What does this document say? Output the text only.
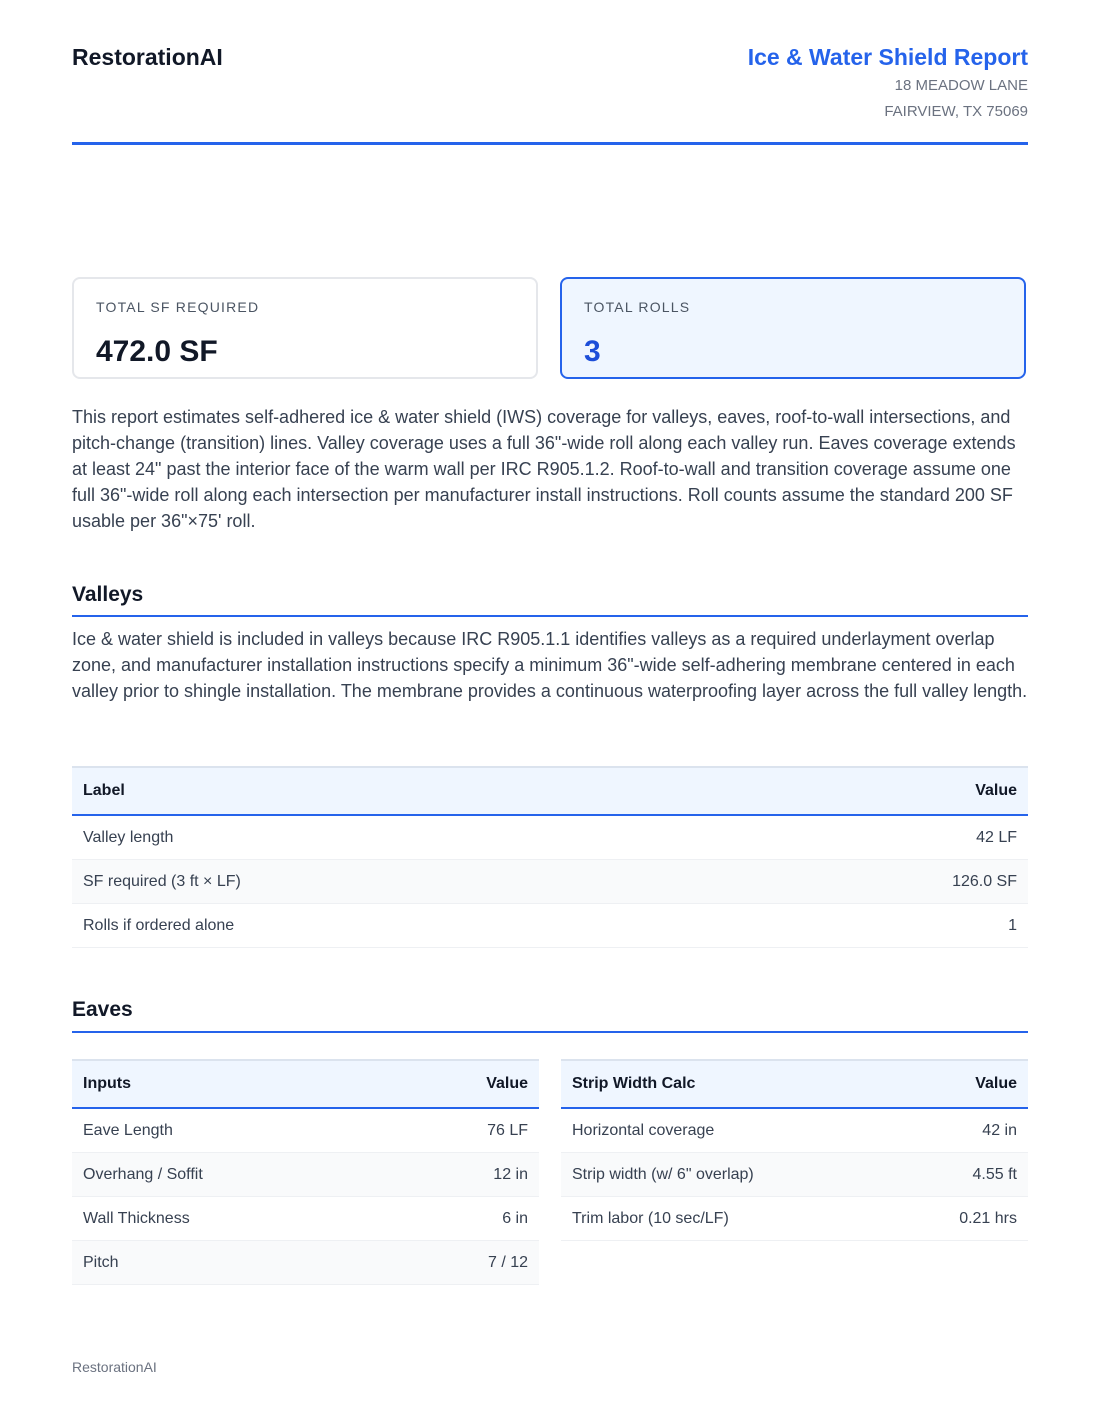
RestorationAI	Ice & Water Shield Report
18 MEADOW LANE
FAIRVIEW, TX 75069
TOTAL SF REQUIRED
472.0 SF
TOTAL ROLLS
3
This report estimates self-adhered ice & water shield (IWS) coverage for valleys, eaves, roof-to-wall intersections, and pitch-change (transition) lines. Valley coverage uses a full 36"-wide roll along each valley run. Eaves coverage extends at least 24" past the interior face of the warm wall per IRC R905.1.2. Roof-to-wall and transition coverage assume one full 36"-wide roll along each intersection per manufacturer install instructions. Roll counts assume the standard 200 SF usable per 36"×75' roll.
Valleys
Ice & water shield is included in valleys because IRC R905.1.1 identifies valleys as a required underlayment overlap zone, and manufacturer installation instructions specify a minimum 36"-wide self-adhering membrane centered in each valley prior to shingle installation. The membrane provides a continuous waterproofing layer across the full valley length.
Label	Value
Valley length	42 LF
SF required (3 ft × LF)	126.0 SF
Rolls if ordered alone	1
Eaves
Inputs	Value
Eave Length	76 LF
Overhang / Soffit	12 in
Wall Thickness	6 in
Pitch	7 / 12
Strip Width Calc	Value
Horizontal coverage	42 in
Strip width (w/ 6" overlap)	4.55 ft
Trim labor (10 sec/LF)	0.21 hrs
RestorationAI
